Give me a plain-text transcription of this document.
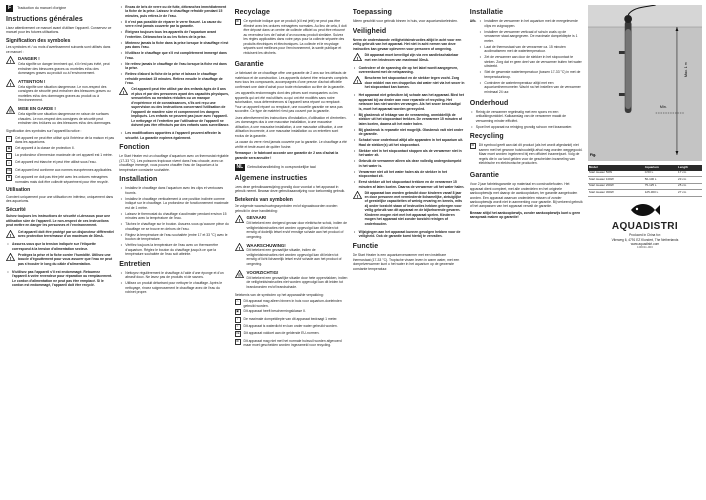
F	Traduction du manuel d'origine
Instructions générales

Lisez attentivement ce manuel avant d'utiliser l'appareil. Conservez ce manuel pour les futures utilisations.

Signification des symboles

Les symboles et / ou mots d'avertissement suivants sont utilisés dans ce manuel :

!
DANGER !

Cela signifie un danger imminent qui, s'il n'est pas évité, peut entraîner des blessures graves ou mortelles et/ou des dommages graves au produit ou à l'environnement.

!
ATTENTION !

Cela signifie une situation dangereuse. Le non-respect des consignes de sécurité peut entraîner des blessures graves ou mortelles et/ou des dommages graves au produit ou à l'environnement.

MISE EN GARDE !

Cela signifie une situation dangereuse en raison de surfaces chaudes. Le non-respect des consignes de sécurité peut entraîner des brûlures ou des blessures et/ou des dommages.

Signification des symboles sur l'appareil/la notice :

⌂	Cet appareil ne peut être utilisé qu'à l'intérieur de la maison et pas dans les aquariums.
▣	Cet appareil à la classe de protection II.
↕	La profondeur d'immersion maximale de cet appareil est 1 mètre.
≈	Cet appareil est étanche et peut être utilisé sous l'eau.
CE Cet appareil est conforme aux normes européennes applicables.
⊠	Cet appareil ne doit pas être jeté avec les ordures ménagères normales mais doit être collecté séparément pour être recyclé.
Utilisation

Convient uniquement pour une utilisation en intérieur, uniquement dans des aquariums.

Sécurité

Suivez toujours les instructions de sécurité ci-dessous pour une utilisation sûre de l'appareil. Le non-respect de ces instructions peut mettre en danger les personnes et l'environnement.

!

Cet appareil doit être protégé par un disjoncteur différentiel avec protection terre/masse d'un maximum de 30mA.

•	Assurez-vous que la tension indiquée sur l'étiquette correspond à la tension d'alimentation secteur.
!

Protégez la prise et la fiche contre l'humidité. Utilisez une boucle d'égouttement pour vous assurer que l'eau ne peut pas s'écouler le long du câble d'alimentation.

•	N'utilisez pas l'appareil s'il est endommagé. Retournez l'appareil à votre revendeur pour réparation ou remplacement. Le cordon d'alimentation ne peut pas être remplacé. Si le cordon est endommagé, l'appareil doit être recyclé.
•	Encas de bris de verre ou de fuite, débranchez immédiatement la fiche de la prise. Laissez le chauffage refroidir pendant 15 minutes, puis retirez-le de l'eau.
•	Il n'est pas possible de réparer le verre fissuré. La cause du verre n'est jamais couverte par la garantie.
•	Éteignez toujours tous les appareils de l'aquarium avant l'entretien. Débranchez la ou les fiches de la prise.
•	Mintenez jamais la fiche dans la prise lorsque le chauffage n'est pas dans l'eau.
•	N'utilisez le chauffage que s'il est complètement immergé dans l'eau.
•	Ne retirez jamais le chauffage de l'eau lorsque la fiche est dans la prise.
•	Retirez d'abord la fiche de la prise et laissez le chauffage refroidir pendant 15 minutes. Retirez ensuite le chauffage de l'eau.
!

Cet appareil peut être utilisé par des enfants âgés de 8 ans et plus et par des personnes ayant des capacités physiques, sensorielles ou mentales réduites ou un manque d'expérience et de connaissances, s'ils ont reçu une supervision ou des instructions concernant l'utilisation de l'appareil de manière sûre et comprennent les dangers impliqués. Les enfants ne peuvent pas jouer avec l'appareil. Le nettoyage et l'entretien par l'utilisateur de l'appareil ne doivent pas être effectués par des enfants sans surveillance.

•	Les modifications apportées à l'appareil peuvent affecter la sécurité. La garantie expirera également.
Fonction

Le Start Heater est un chauffage d'aquarium avec un thermostat réglable (17-33 °C). Les poissons tropicaux vivent dans l'eau chaude, avec un chauffage immergé, vous pouvez chauffer l'eau de l'aquarium à la température constante souhaitée.

Installation
•	Installez le chauffage dans l'aquarium avec les clips et ventouses fournis.
•	Installez le chauffage verticalement à une position inclinée comme indiqué sur le chauffage. La profondeur de fonctionnement maximale est de 1 mètre.
•	Laissez le thermostat du chauffage s'acclimater pendant environ 15 minutes avec la température de l'eau.
•	Tâchez le chauffage sur le bouton. Assurez-vous qu'aucune pièce du chauffage ne se trouve en dehors de l'eau.
•	Réglez la température de l'eau souhaitée (entre 17 et 33 °C) avec le bouton de température.
•	Vérifiez toujours la température de l'eau avec un thermomètre d'aquarium. Réglez le bouton du chauffage jusqu'à ce que la température souhaitée de l'eau soit atteinte.
Entretien
•	Nettoyez régulièrement le chauffage à l'aide d'une éponge et d'un abrasif doux. Ne lavez pas de produits ni de savons.
•	Utilisez un produit détartrant pour nettoyer le chauffage. Après le nettoyage, rincez soigneusement le chauffage avec de l'eau du robinet propre.
Recyclage
⊠	Ce symbole indique que ce produit (s'il est jeté) ne peut pas être éliminé avec les ordures ménagères normales. Au lieu de cela, il doit être déposé dans un centre de collecte officiel ou peut être retourné au revendeur lors de l'achat d'un nouveau produit similaire. Suivez les règles applicables dans votre pays pour la collecte séparée des produits électriques et électroniques. La collecte et le recyclage séparés sont meilleurs pour l'environnement, la santé publique et réduisent les déchets.

Garantie

Le fabricant de ce chauffage offre une garantie de 2 ans sur les défauts de matériaux et de construction. Les appareils doivent être retournés complets avec tous les composants, accompagnés d'une preuve d'achat officielle confirmant une date d'achat pour toute réclamation au titre de la garantie.

Les appareils endommagés dont des pièces sont manquantes ou les appareils qui ont été mal utilisés ou qui ont été modifiés sans notre autorisation, nous déterminerons si l'appareil sera réparé ou remplacé. Pour un appareil réparé ou remplacé, une nouvelle garantie ne sera pas accordée. Ce type de matériel n'est pas couvert par la garantie.

Lisez attentivement les instructions d'installation, d'utilisation et d'entretien. Les dommages dus à une mauvaise installation, à une mauvaise utilisation, à une mauvaise installation, à une mauvaise utilisation, à une utilisation incorrecte, à une mauvaise installation ou un entretien sont exclus de la garantie.

La cause du verre n'est jamais couverte par la garantie. Le chauffage a été vérifié et testé avant de quitter l'usine.

Remarque : le fabricant accorde une garantie de 2 ans d'achat la garantie sera annulée !

NL	Gebruikshandleiding in oorspronkelijke taal
Algemene instructies

Lees deze gebruiksaanwijzing grondig door voordat u het apparaat in gebruik neemt. Bewaar deze gebruiksaanwijzing voor toekomstig gebruik.

Betekenis van symbolen

De volgende waarschuwingssymbolen en/of signaalwoorden worden gebruikt in deze handleiding:

!
GEVAAR!

Dit betekent een dreigend gevaar door elektrische schok, indien de veiligheidsinstructies niet worden opgevolgd kan dit leiden tot ernstig of dodelijk letsel en/of ernstige schade aan het product of omgeving.

!
WAARSCHUWING!

Dit betekent een gevaarlijke situatie, indien de veiligheidsinstructies niet worden opgevolgd kan dit leiden tot ernstig of licht lichamelijk letsel en/of schade aan het product of omgeving.

VOORZICHTIG!

Dit betekent een gevaarlijke situatie door hete oppervlakken, indien de veiligheidsinstructies niet worden opgevolgd kan dit leiden tot brandwonden en/of brandschade.

Betekenis van de symbolen op het apparaat/de verpakking:

⌂	Dit apparaat mag alleen binnen in huis voor aquarium-doeleinden gebruikt worden.
▣	Dit apparaat heeft beschermingsklasse II.
↕	De maximale dompeldiepte van dit apparaat bedraagt 1 meter.
≈	Dit apparaat is waterdicht en kan onder water gebruikt worden.
CE Dit apparaat voldoet aan de geldende EU-normen.
⊠	Dit apparaat mag niet met het normale huisvuil worden afgevoerd maar moet gescheiden worden ingezameld voor recycling.
Toepassing

Alleen geschikt voor gebruik binnen in huis, voor aquariumdoeleinden.

Veiligheid

Neem de onderstaande veiligheidsinstructies altijd in acht voor een veilig gebruik van het apparaat. Het niet in acht nemen van deze instructies kan gevaar opleveren voor personen of omgeving.

!

Dit apparaat moet beveiligd zijn via een aardlekschakelaar met een lekstroom van maximaal 30mA.

•	Controleer of de spanning die op het label wordt aangegeven, overeenkomt met de netspanning.
!

Bescherm het stopcontact en de stekker tegen vocht. Zorg door middel van een druppellus dat water niet via het snoer in het stopcontact kan komen.

•	Het apparaat niet gebruiken bij schade aan het apparaat. Bied het apparaat bij uw dealer aan voor reparatie of recycling. Het netsnoer kan niet worden vervangen. Als het snoer beschadigd is, moet het apparaat worden gerecycled.
•	Bij glasbreuk of lekkage van de verwarming, onmiddellijk de stekker uit het stopcontact trekken. De verwarmer 15 minuten af laten koelen, daarna uit het water halen.
•	Bij glasbreuk is reparatie niet mogelijk. Glasbreuk valt niet onder de garantie.
•	Schakel voor onderhoud altijd alle apparaten in het aquarium uit. Haal de stekker(s) uit het stopcontact.
•	Stekker niet in het stopcontact stoppen als de verwarmer niet in het water zit.
•	Gebruik de verwarmer alleen als deze volledig ondergedompeld in het water is.
•	Verwarmer niet uit het water halen als de stekker in het stopcontact zit.
•	Eerst stekker uit het stopcontact trekken en de verwarmer 15 minuten af laten koelen. Daarna de verwarmer uit het water halen.
!

Dit apparaat kan worden gebruikt door kinderen vanaf 8 jaar en door personen met verminderde lichamelijke, zintuiglijke of geestelijke capaciteiten of weinig ervaring en kennis, mits zij onder toezicht staan of instructies hebben gekregen voor veilig gebruik van dit apparaat en de bijbehorende gevaren. Kinderen mogen niet met het apparaat spelen. Kinderen mogen het apparaat niet zonder toezicht reinigen of onderhouden.

•	Wijzigingen aan het apparaat kunnen gevolgen hebben voor de veiligheid. Ook de garantie komt hierbij te vervallen.
Functie

De Start Heater is een aquariumverwarmer met een instelbare thermostaat (17-33 °C). Tropische vissen leven in warm water, met een dompelverwarmer kunt u het water in het aquarium op de gewenste constante temperatuur.

Installatie
Afb.	•	Installeer de verwarmer in het aquarium met de meegeleverde clips en zuignappen.
•	Installeer de verwarmer verticaal of schuin zoals op de verwarmer staat aangegeven. De maximale dompeldiepte is 1 meter.
•	Laat de thermostaat van de verwarmer ca. 15 minuten acclimatiseren met de watertemperatuur.
•	Zet de verwarmer aan door de stekker in het stopcontact te steken. Zorg dat er geen deel van de verwarmer buiten het water uitsteekt.
•	Stel de gewenste watertemperatuur (tussen 17-33 °C) in met de temperatuurknop.
•	Controleer de watertemperatuur altijd met een aquariumthermometer. Wacht na het instellen van de verwarmer minimaal 24 uur.
Onderhoud
•	Reinig de verwarmer regelmatig met een spons en een ontkalkingsmiddel. Kalkaanslag van de verwarmer maakt de verwarming minder efficiënt.
•	Spoel het apparaat na reiniging grondig schoon met kraanwater.
Recycling
⊠	Dit symbool geeft aan dat dit product (als het wordt afgedankt) niet samen met het gewone huishoudelijk afval mag worden weggegooid. Maar moet worden ingeleverd bij een officieel inzamelpunt. Volg de regels die in uw land gelden voor de gescheiden inzameling van elektrische en elektronische producten.

Garantie

Voor 2 jaar fabrieksgarantie op materiaal en constructiefouten. Het apparaat dient compleet, met alle onderdelen en het originele aankoopbewijs met daarop de aankoopdatum, ter garantie aangeboden worden. Een apparaat waarvan onderdelen missen of zonder aankoopbewijs wordt niet in aanmerking voor garantie. Bij verkeerd gebruik of het aanpassen van het apparaat vervalt de garantie.

Bewaar altijd het aankoopbewijs, zonder aankoopbewijs kunt u geen aanspraak maken op garantie!

Max. 1 m
Min.
Fig.
Model	Aquarium	Length
Start Heater 50W	0-50 L	17 cm
Start Heater 100W	50-100 L	23 cm
Start Heater 200W	75-125 L	25 cm
Start Heater 300W	125-300 L	27 cm
AQUADISTRI
Produced in China for:
Vlierweg 6, 4791 EZ Klundert, The Netherlands
www.aquadistri.com
100011-003
